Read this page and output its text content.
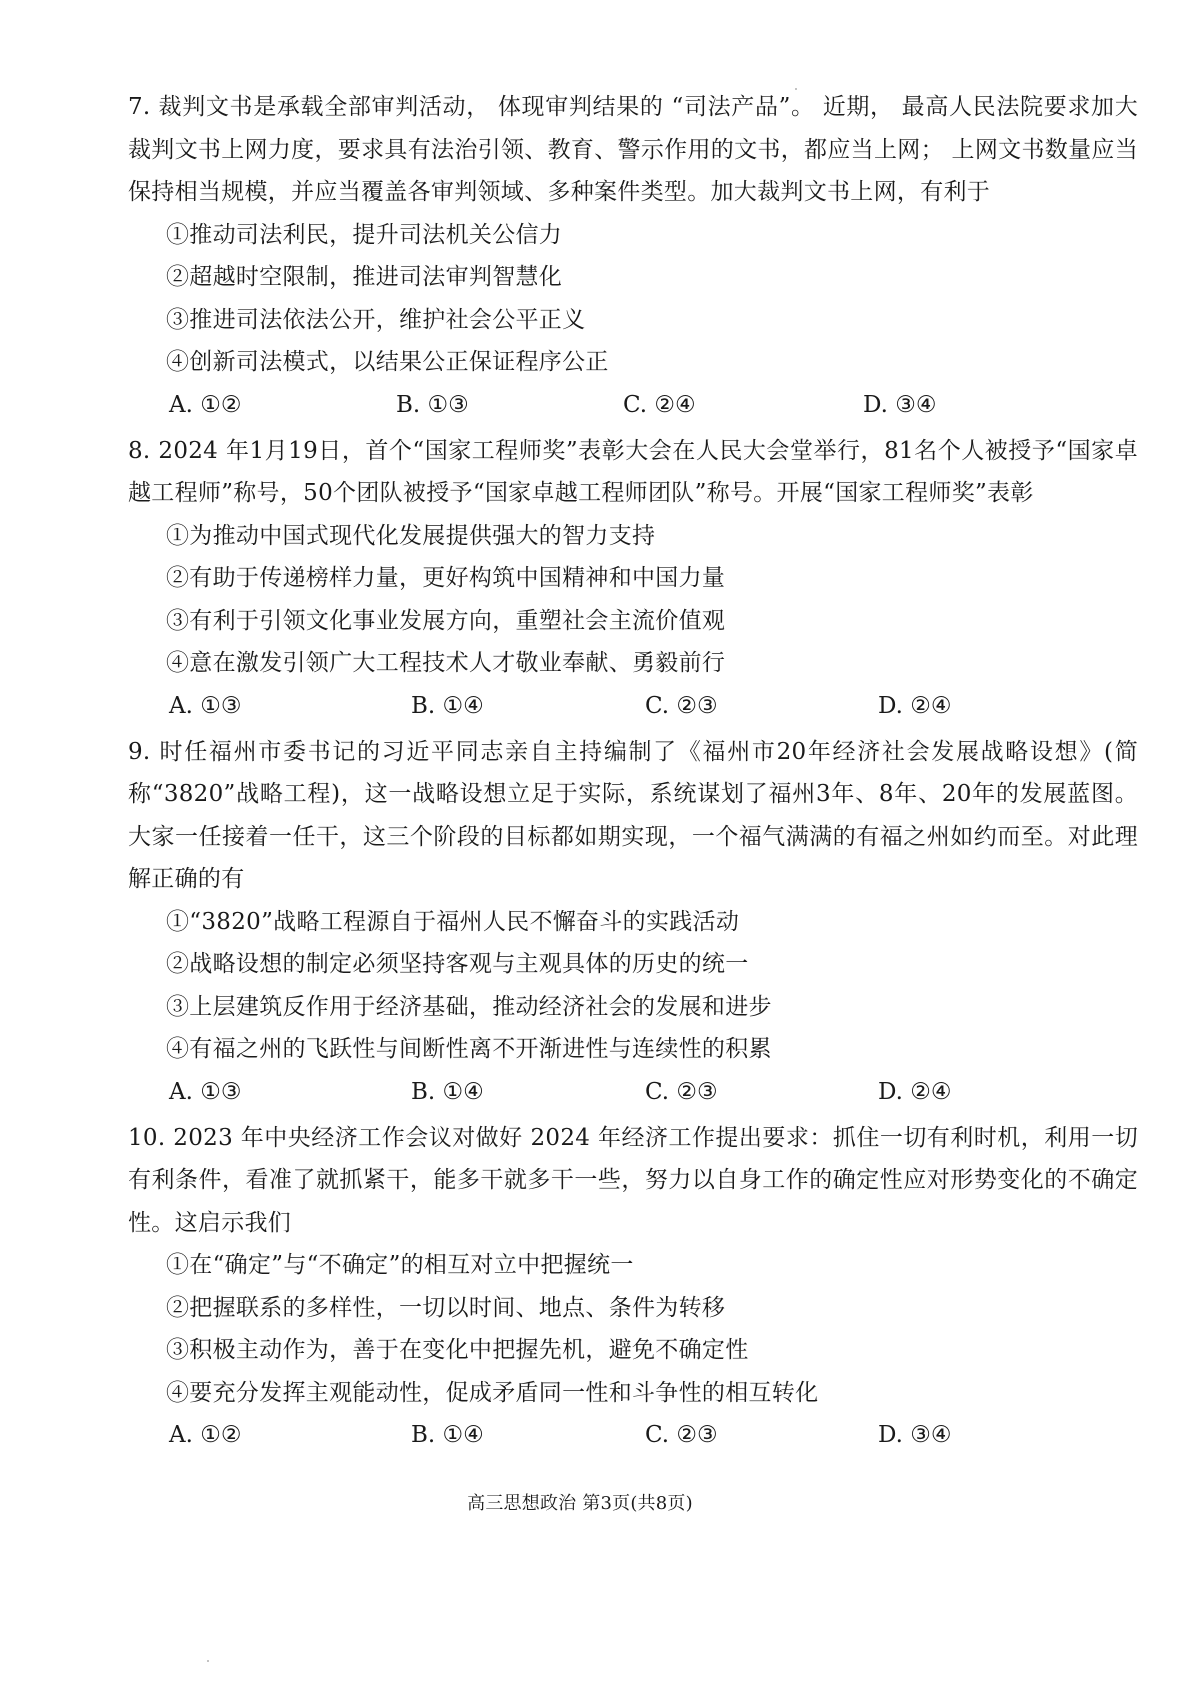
7. 裁判文书是承载全部审判活动， 体现审判结果的 “司法产品”。 近期， 最高人民法院要求加大裁判文书上网力度，要求具有法治引领、教育、警示作用的文书，都应当上网； 上网文书数量应当保持相当规模，并应当覆盖各审判领域、多种案件类型。加大裁判文书上网，有利于

①推动司法利民，提升司法机关公信力

②超越时空限制，推进司法审判智慧化

③推进司法依法公开，维护社会公平正义

④创新司法模式，以结果公正保证程序公正

A. ①②	B. ①③	C. ②④	D. ③④

8. 2024 年1月19日，首个“国家工程师奖”表彰大会在人民大会堂举行，81名个人被授予“国家卓越工程师”称号，50个团队被授予“国家卓越工程师团队”称号。开展“国家工程师奖”表彰

①为推动中国式现代化发展提供强大的智力支持

②有助于传递榜样力量，更好构筑中国精神和中国力量

③有利于引领文化事业发展方向，重塑社会主流价值观

④意在激发引领广大工程技术人才敬业奉献、勇毅前行

A. ①③	B. ①④	C. ②③	D. ②④

9. 时任福州市委书记的习近平同志亲自主持编制了《福州市20年经济社会发展战略设想》(简称“3820”战略工程)，这一战略设想立足于实际，系统谋划了福州3年、8年、20年的发展蓝图。大家一任接着一任干，这三个阶段的目标都如期实现，一个福气满满的有福之州如约而至。对此理解正确的有

①“3820”战略工程源自于福州人民不懈奋斗的实践活动

②战略设想的制定必须坚持客观与主观具体的历史的统一

③上层建筑反作用于经济基础，推动经济社会的发展和进步

④有福之州的飞跃性与间断性离不开渐进性与连续性的积累

A. ①③	B. ①④	C. ②③	D. ②④

10. 2023 年中央经济工作会议对做好 2024 年经济工作提出要求：抓住一切有利时机，利用一切有利条件，看准了就抓紧干，能多干就多干一些，努力以自身工作的确定性应对形势变化的不确定性。这启示我们

①在“确定”与“不确定”的相互对立中把握统一

②把握联系的多样性，一切以时间、地点、条件为转移

③积极主动作为，善于在变化中把握先机，避免不确定性

④要充分发挥主观能动性，促成矛盾同一性和斗争性的相互转化

A. ①②	B. ①④	C. ②③	D. ③④
高三思想政治 第3页(共8页)
